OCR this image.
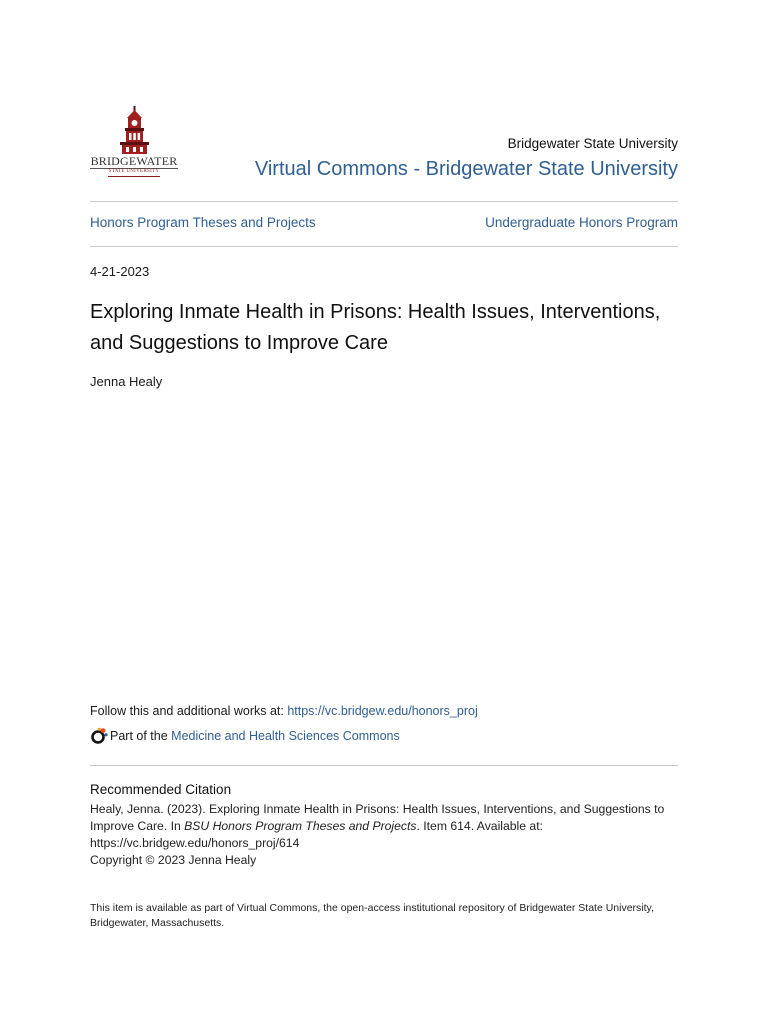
BRIDGEWATER
STATE UNIVERSITY
Bridgewater State University
Virtual Commons - Bridgewater State University
Honors Program Theses and Projects	Undergraduate Honors Program
4-21-2023
Exploring Inmate Health in Prisons: Health Issues, Interventions, and Suggestions to Improve Care
Jenna Healy
Follow this and additional works at: https://vc.bridgew.edu/honors_proj
Part of the Medicine and Health Sciences Commons
Recommended Citation
Healy, Jenna. (2023). Exploring Inmate Health in Prisons: Health Issues, Interventions, and Suggestions to Improve Care. In BSU Honors Program Theses and Projects. Item 614. Available at: https://vc.bridgew.edu/honors_proj/614
Copyright © 2023 Jenna Healy
This item is available as part of Virtual Commons, the open-access institutional repository of Bridgewater State University, Bridgewater, Massachusetts.
